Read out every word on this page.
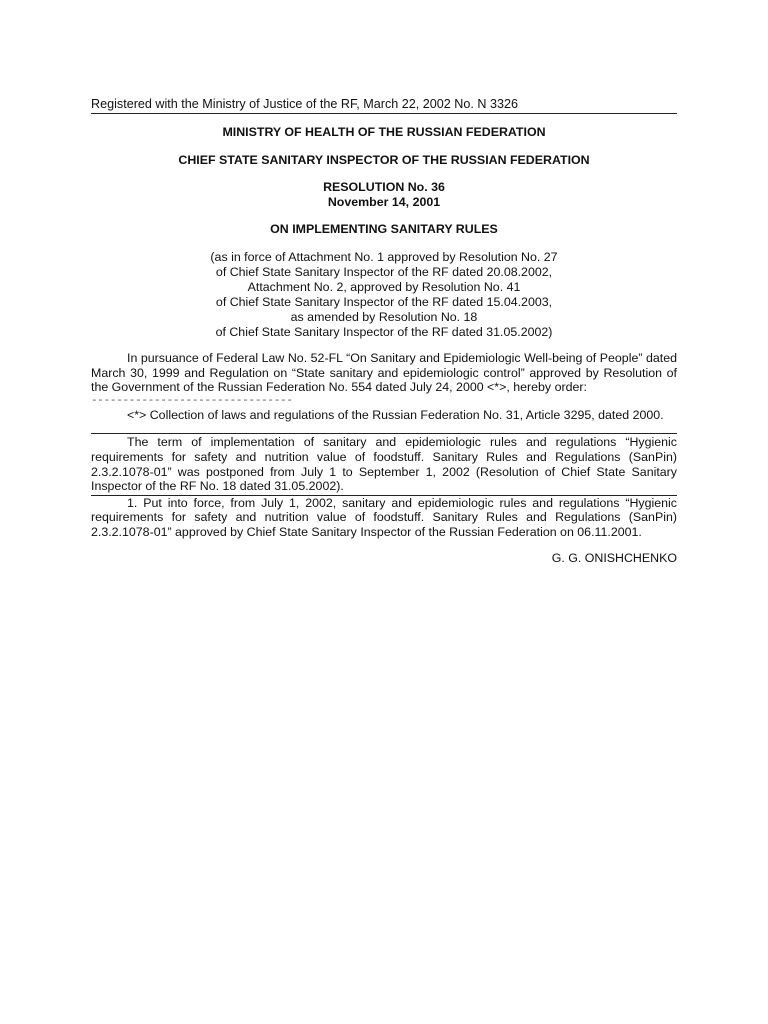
Registered with the Ministry of Justice of the RF, March 22, 2002 No. N 3326
MINISTRY OF HEALTH OF THE RUSSIAN FEDERATION
CHIEF STATE SANITARY INSPECTOR OF THE RUSSIAN FEDERATION
RESOLUTION No. 36
November 14, 2001
ON IMPLEMENTING SANITARY RULES
(as in force of Attachment No. 1 approved by Resolution No. 27
of Chief State Sanitary Inspector of the RF dated 20.08.2002,
Attachment No. 2, approved by Resolution No. 41
of Chief State Sanitary Inspector of the RF dated 15.04.2003,
as amended by Resolution No. 18
of Chief State Sanitary Inspector of the RF dated 31.05.2002)
In pursuance of Federal Law No. 52-FL “On Sanitary and Epidemiologic Well-being of People” dated March 30, 1999 and Regulation on “State sanitary and epidemiologic control” approved by Resolution of the Government of the Russian Federation No. 554 dated July 24, 2000 <*>, hereby order:
--------------------------------
<*> Collection of laws and regulations of the Russian Federation No. 31, Article 3295, dated 2000.
The term of implementation of sanitary and epidemiologic rules and regulations “Hygienic requirements for safety and nutrition value of foodstuff. Sanitary Rules and Regulations (SanPin) 2.3.2.1078-01” was postponed from July 1 to September 1, 2002 (Resolution of Chief State Sanitary Inspector of the RF No. 18 dated 31.05.2002).
1. Put into force, from July 1, 2002, sanitary and epidemiologic rules and regulations “Hygienic requirements for safety and nutrition value of foodstuff. Sanitary Rules and Regulations (SanPin) 2.3.2.1078-01” approved by Chief State Sanitary Inspector of the Russian Federation on 06.11.2001.
G. G. ONISHCHENKO
